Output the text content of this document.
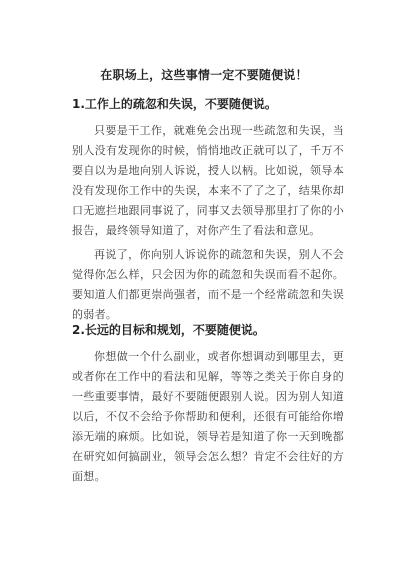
在职场上，这些事情一定不要随便说！
1.工作上的疏忽和失误，不要随便说。
只要是干工作，就难免会出现一些疏忽和失误，当别人没有发现你的时候，悄悄地改正就可以了，千万不要自以为是地向别人诉说，授人以柄。比如说，领导本没有发现你工作中的失误，本来不了了之了，结果你却口无遮拦地跟同事说了，同事又去领导那里打了你的小报告，最终领导知道了，对你产生了看法和意见。
再说了，你向别人诉说你的疏忽和失误，别人不会觉得你怎么样，只会因为你的疏忽和失误而看不起你。要知道人们都更崇尚强者，而不是一个经常疏忽和失误的弱者。
2.长远的目标和规划，不要随便说。
你想做一个什么副业，或者你想调动到哪里去，更或者你在工作中的看法和见解，等等之类关于你自身的一些重要事情，最好不要随便跟别人说。因为别人知道以后，不仅不会给予你帮助和便利，还很有可能给你增添无端的麻烦。比如说，领导若是知道了你一天到晚都在研究如何搞副业，领导会怎么想？肯定不会往好的方面想。
